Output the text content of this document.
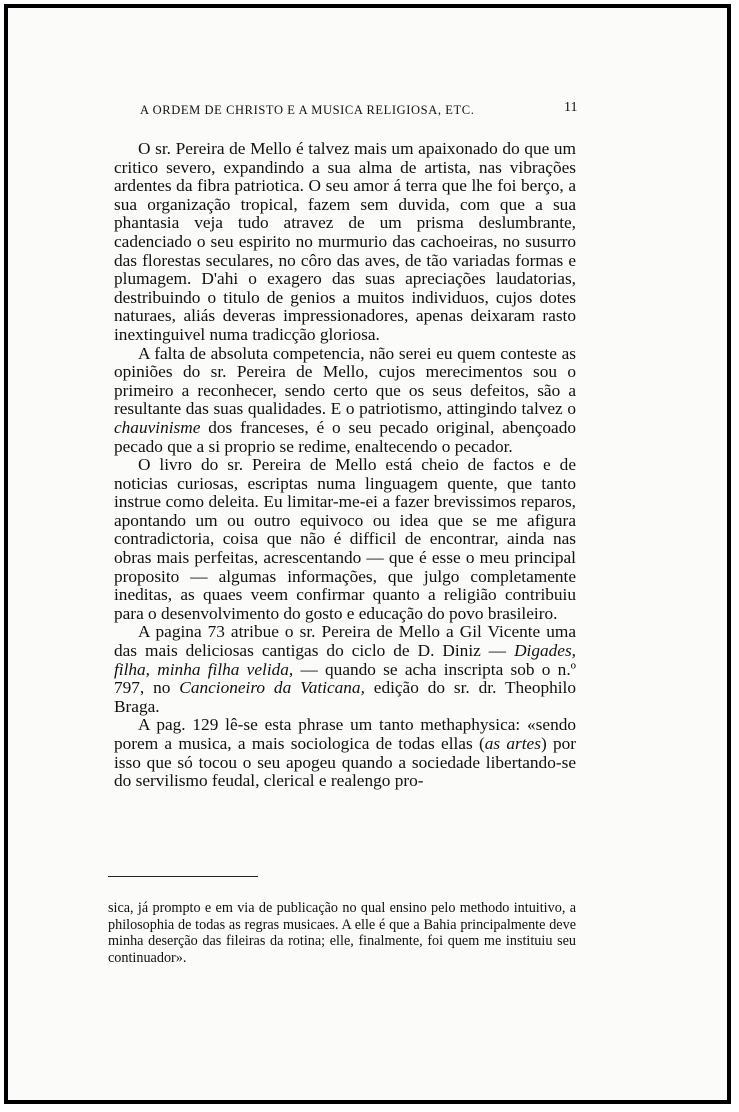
A ORDEM DE CHRISTO E A MUSICA RELIGIOSA, ETC.	11

O sr. Pereira de Mello é talvez mais um apaixonado do que um critico severo, expandindo a sua alma de artista, nas vibrações ardentes da fibra patriotica. O seu amor á terra que lhe foi berço, a sua organização tropical, fazem sem duvida, com que a sua phantasia veja tudo atravez de um prisma deslumbrante, cadenciado o seu espirito no murmurio das cachoeiras, no susurro das florestas seculares, no côro das aves, de tão variadas formas e plumagem. D'ahi o exagero das suas apreciações laudatorias, destribuindo o titulo de genios a muitos individuos, cujos dotes naturaes, aliás deveras impressionadores, apenas deixaram rasto inextinguivel numa tradicção gloriosa.

A falta de absoluta competencia, não serei eu quem conteste as opiniões do sr. Pereira de Mello, cujos merecimentos sou o primeiro a reconhecer, sendo certo que os seus defeitos, são a resultante das suas qualidades. E o patriotismo, attingindo talvez o chauvinisme dos franceses, é o seu pecado original, abençoado pecado que a si proprio se redime, enaltecendo o pecador.

O livro do sr. Pereira de Mello está cheio de factos e de noticias curiosas, escriptas numa linguagem quente, que tanto instrue como deleita. Eu limitar-me-ei a fazer brevissimos reparos, apontando um ou outro equivoco ou idea que se me afigura contradictoria, coisa que não é difficil de encontrar, ainda nas obras mais perfeitas, acrescentando — que é esse o meu principal proposito — algumas informações, que julgo completamente ineditas, as quaes veem confirmar quanto a religião contribuiu para o desenvolvimento do gosto e educação do povo brasileiro.

A pagina 73 atribue o sr. Pereira de Mello a Gil Vicente uma das mais deliciosas cantigas do ciclo de D. Diniz — Digades, filha, minha filha velida, — quando se acha inscripta sob o n.º 797, no Cancioneiro da Vaticana, edição do sr. dr. Theophilo Braga.

A pag. 129 lê-se esta phrase um tanto methaphysica: «sendo porem a musica, a mais sociologica de todas ellas (as artes) por isso que só tocou o seu apogeu quando a sociedade libertando-se do servilismo feudal, clerical e realengo pro-

sica, já prompto e em via de publicação no qual ensino pelo methodo intuitivo, a philosophia de todas as regras musicaes. A elle é que a Bahia principalmente deve minha deserção das fileiras da rotina; elle, finalmente, foi quem me instituiu seu continuador».
